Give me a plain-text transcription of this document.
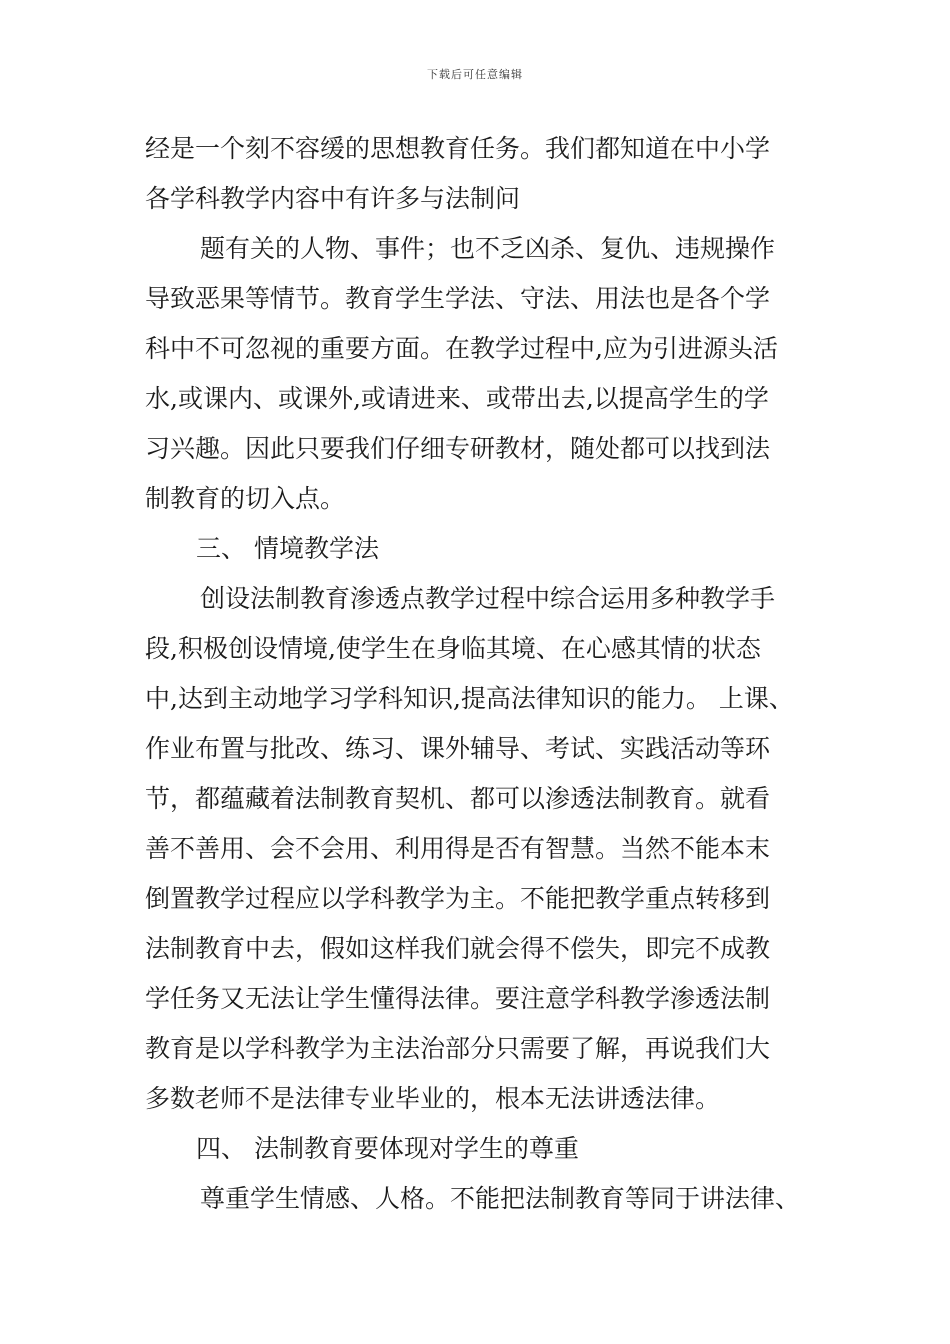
下载后可任意编辑
经是一个刻不容缓的思想教育任务。我们都知道在中小学
各学科教学内容中有许多与法制问
题有关的人物、事件；也不乏凶杀、复仇、违规操作
导致恶果等情节。教育学生学法、守法、用法也是各个学
科中不可忽视的重要方面。在教学过程中,应为引进源头活
水,或课内、或课外,或请进来、或带出去,以提高学生的学
习兴趣。因此只要我们仔细专研教材，随处都可以找到法
制教育的切入点。
三、 情境教学法
创设法制教育渗透点教学过程中综合运用多种教学手
段,积极创设情境,使学生在身临其境、在心感其情的状态
中,达到主动地学习学科知识,提高法律知识的能力。 上课、
作业布置与批改、练习、课外辅导、考试、实践活动等环
节，都蕴藏着法制教育契机、都可以渗透法制教育。就看
善不善用、会不会用、利用得是否有智慧。当然不能本末
倒置教学过程应以学科教学为主。不能把教学重点转移到
法制教育中去，假如这样我们就会得不偿失，即完不成教
学任务又无法让学生懂得法律。要注意学科教学渗透法制
教育是以学科教学为主法治部分只需要了解，再说我们大
多数老师不是法律专业毕业的，根本无法讲透法律。
四、 法制教育要体现对学生的尊重
尊重学生情感、人格。不能把法制教育等同于讲法律、
